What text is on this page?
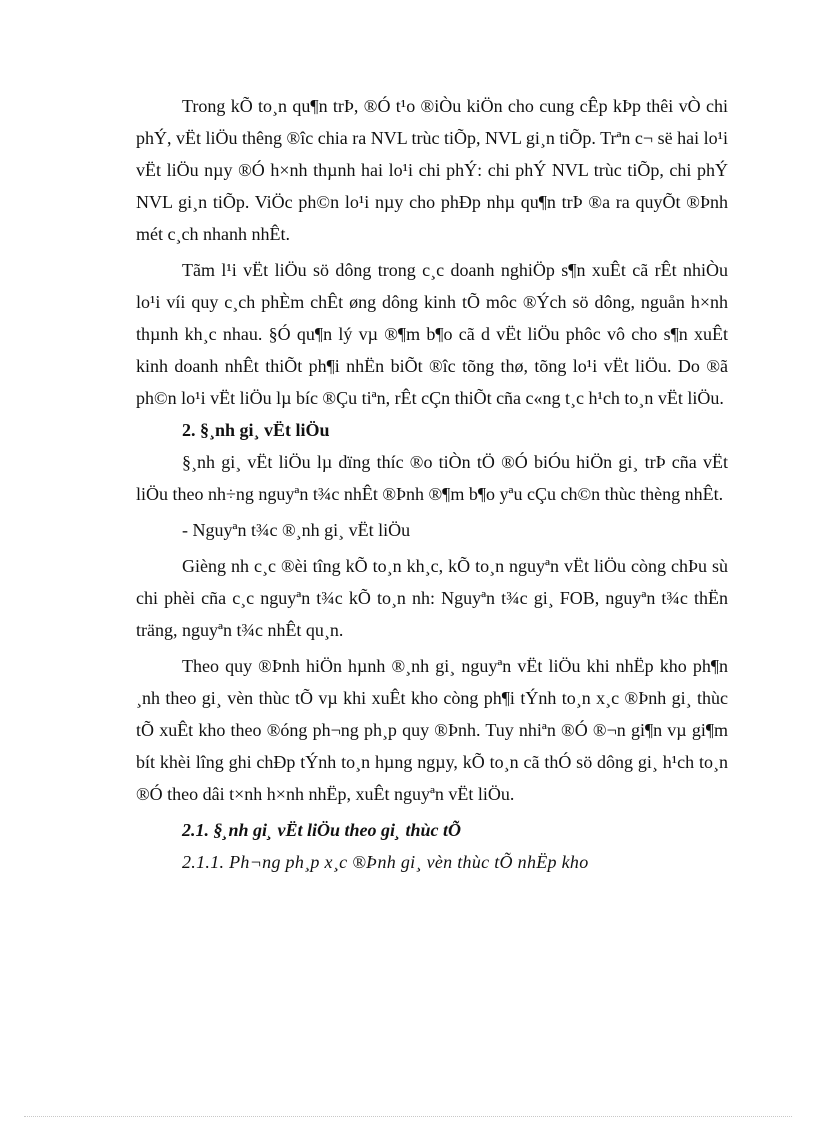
Trong kÕ to¸n qu¶n trÞ, ®Ó t¹o ®iÒu kiÖn cho cung cÊp kÞp thêi vÒ chi phÝ, vËt liÖu thêng ®îc chia ra NVL trùc tiÕp, NVL gi¸n tiÕp. Trªn c¬ së hai lo¹i vËt liÖu nµy ®Ó h×nh thµnh hai lo¹i chi phÝ: chi phÝ NVL trùc tiÕp, chi phÝ NVL gi¸n tiÕp. ViÖc ph©n lo¹i nµy cho phÐp nhµ qu¶n trÞ ®a ra quyÕt ®Þnh mét c¸ch nhanh nhÊt.

Tãm l¹i vËt liÖu sö dông trong c¸c doanh nghiÖp s¶n xuÊt cã rÊt nhiÒu lo¹i víi quy c¸ch phÈm chÊt øng dông kinh tÕ môc ®Ých sö dông, nguån h×nh thµnh kh¸c nhau. §Ó qu¶n lý vµ ®¶m b¶o cã d vËt liÖu phôc vô cho s¶n xuÊt kinh doanh nhÊt thiÕt ph¶i nhËn biÕt ®îc tõng thø, tõng lo¹i vËt liÖu. Do ®ã ph©n lo¹i vËt liÖu lµ bíc ®Çu tiªn, rÊt cÇn thiÕt cña c«ng t¸c h¹ch to¸n vËt liÖu.

2. §¸nh gi¸ vËt liÖu

§¸nh gi¸ vËt liÖu lµ dïng thíc ®o tiÒn tÖ ®Ó biÓu hiÖn gi¸ trÞ cña vËt liÖu theo nh÷ng nguyªn t¾c nhÊt ®Þnh ®¶m b¶o yªu cÇu ch©n thùc thèng nhÊt.

- Nguyªn t¾c ®¸nh gi¸ vËt liÖu

Gièng nh c¸c ®èi tîng kÕ to¸n kh¸c, kÕ to¸n nguyªn vËt liÖu còng chÞu sù chi phèi cña c¸c nguyªn t¾c kÕ to¸n nh: Nguyªn t¾c gi¸ FOB, nguyªn t¾c thËn träng, nguyªn t¾c nhÊt qu¸n.

Theo quy ®Þnh hiÖn hµnh ®¸nh gi¸ nguyªn vËt liÖu khi nhËp kho ph¶n ¸nh theo gi¸ vèn thùc tÕ vµ khi xuÊt kho còng ph¶i tÝnh to¸n x¸c ®Þnh gi¸ thùc tÕ xuÊt kho theo ®óng ph¬ng ph¸p quy ®Þnh. Tuy nhiªn ®Ó ®¬n gi¶n vµ gi¶m bít khèi lîng ghi chÐp tÝnh to¸n hµng ngµy, kÕ to¸n cã thÓ sö dông gi¸ h¹ch to¸n ®Ó theo dâi t×nh h×nh nhËp, xuÊt nguyªn vËt liÖu.

2.1. §¸nh gi¸ vËt liÖu theo gi¸ thùc tÕ

2.1.1. Ph¬ng ph¸p x¸c ®Þnh gi¸ vèn thùc tÕ nhËp kho
